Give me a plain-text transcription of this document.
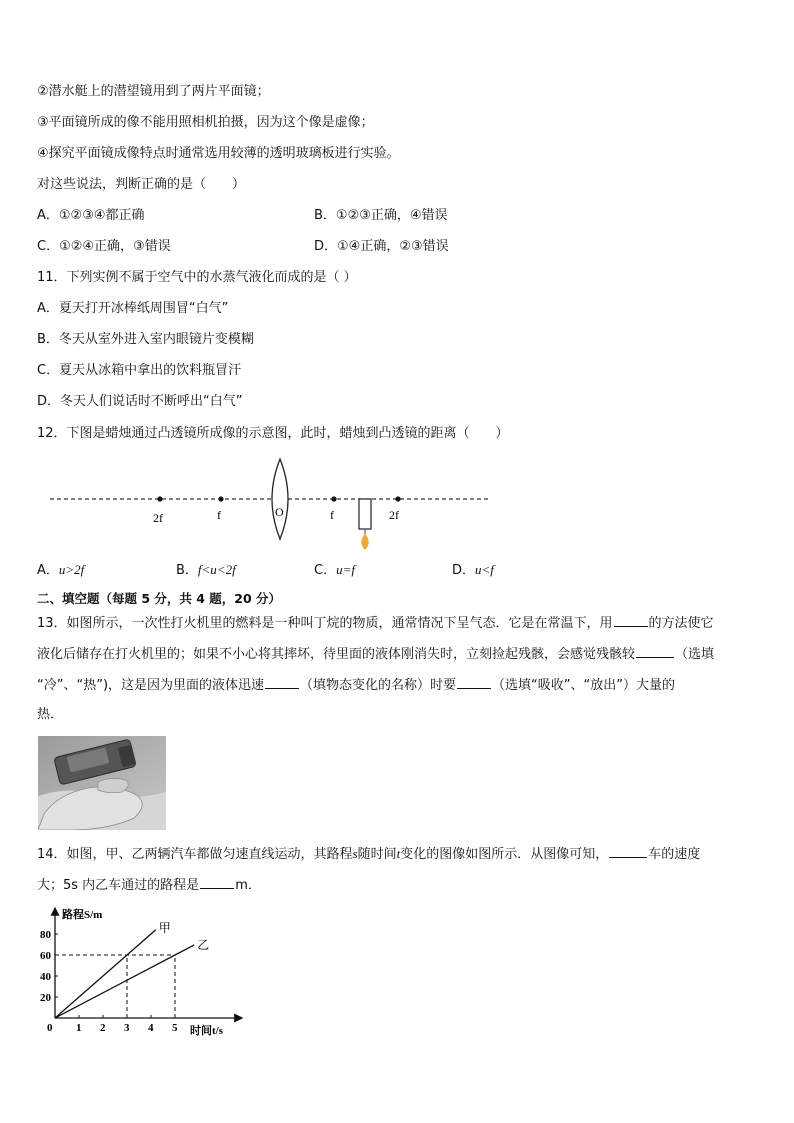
②潜水艇上的潜望镜用到了两片平面镜；
③平面镜所成的像不能用照相机拍摄，因为这个像是虚像；
④探究平面镜成像特点时通常选用较薄的透明玻璃板进行实验。
对这些说法，判断正确的是（　　）
A．①②③④都正确	B．①②③正确，④错误
C．①②④正确，③错误	D．①④正确，②③错误
11．下列实例不属于空气中的水蒸气液化而成的是（ ）
A．夏天打开冰棒纸周围冒“白气”
B．冬天从室外进入室内眼镜片变模糊
C．夏天从冰箱中拿出的饮料瓶冒汗
D．冬天人们说话时不断呼出“白气”
12．下图是蜡烛通过凸透镜所成像的示意图，此时，蜡烛到凸透镜的距离（　　）
2f	f	O	f	2f
A．u>2f	B．f<u<2f	C．u=f	D．u<f
二、填空题（每题 5 分，共 4 题，20 分）
13．如图所示，一次性打火机里的燃料是一种叫丁烷的物质，通常情况下呈气态．它是在常温下，用	的方法使它
液化后储存在打火机里的；如果不小心将其摔坏，待里面的液体刚消失时，立刻捡起残骸，会感觉残骸较	（选填
“冷”、“热”)，这是因为里面的液体迅速	（填物态变化的名称）时要	（选填“吸收”、“放出”）大量的
热．
14．如图，甲、乙两辆汽车都做匀速直线运动，其路程s随时间t变化的图像如图所示．从图像可知，	车的速度
大；5s 内乙车通过的路程是	m．
路程S/m
时间t/s
0 1 2 3 4 5
20
40
60
80
甲
乙
